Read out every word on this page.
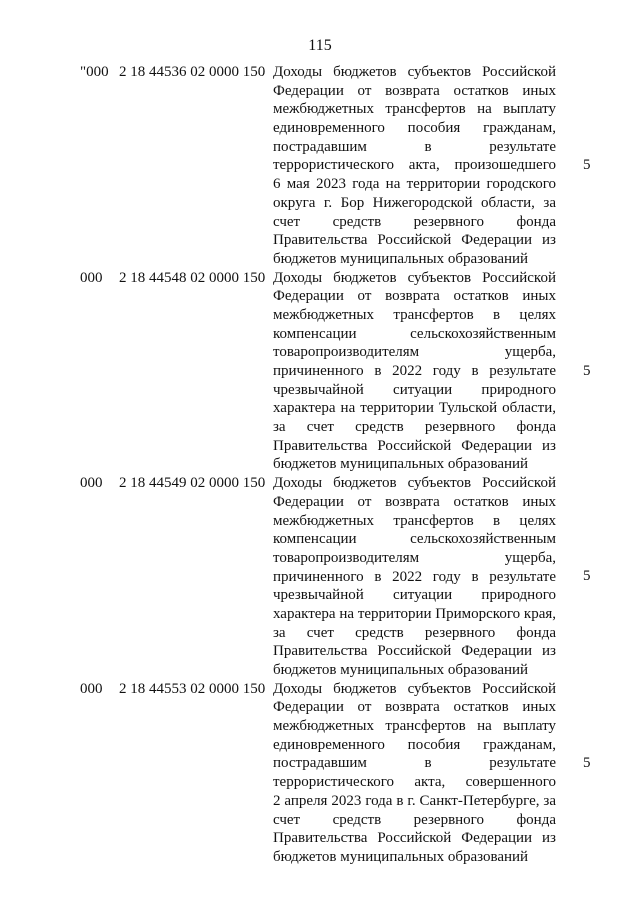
115
"000 2 18 44536 02 0000 150 Доходы бюджетов субъектов Российской
Федерации от возврата остатков иных
межбюджетных трансфертов на выплату
единовременного пособия гражданам,
пострадавшим в результате
террористического акта, произошедшего
6 мая 2023 года на территории городского
округа г. Бор Нижегородской области, за
счет средств резервного фонда
Правительства Российской Федерации из
бюджетов муниципальных образований
5
000 2 18 44548 02 0000 150 Доходы бюджетов субъектов Российской
Федерации от возврата остатков иных
межбюджетных трансфертов в целях
компенсации сельскохозяйственным
товаропроизводителям ущерба,
причиненного в 2022 году в результате
чрезвычайной ситуации природного
характера на территории Тульской области,
за счет средств резервного фонда
Правительства Российской Федерации из
бюджетов муниципальных образований
5
000 2 18 44549 02 0000 150 Доходы бюджетов субъектов Российской
Федерации от возврата остатков иных
межбюджетных трансфертов в целях
компенсации сельскохозяйственным
товаропроизводителям ущерба,
причиненного в 2022 году в результате
чрезвычайной ситуации природного
характера на территории Приморского края,
за счет средств резервного фонда
Правительства Российской Федерации из
бюджетов муниципальных образований
5
000 2 18 44553 02 0000 150 Доходы бюджетов субъектов Российской
Федерации от возврата остатков иных
межбюджетных трансфертов на выплату
единовременного пособия гражданам,
пострадавшим в результате
террористического акта, совершенного
2 апреля 2023 года в г. Санкт-Петербурге, за
счет средств резервного фонда
Правительства Российской Федерации из
бюджетов муниципальных образований
5
